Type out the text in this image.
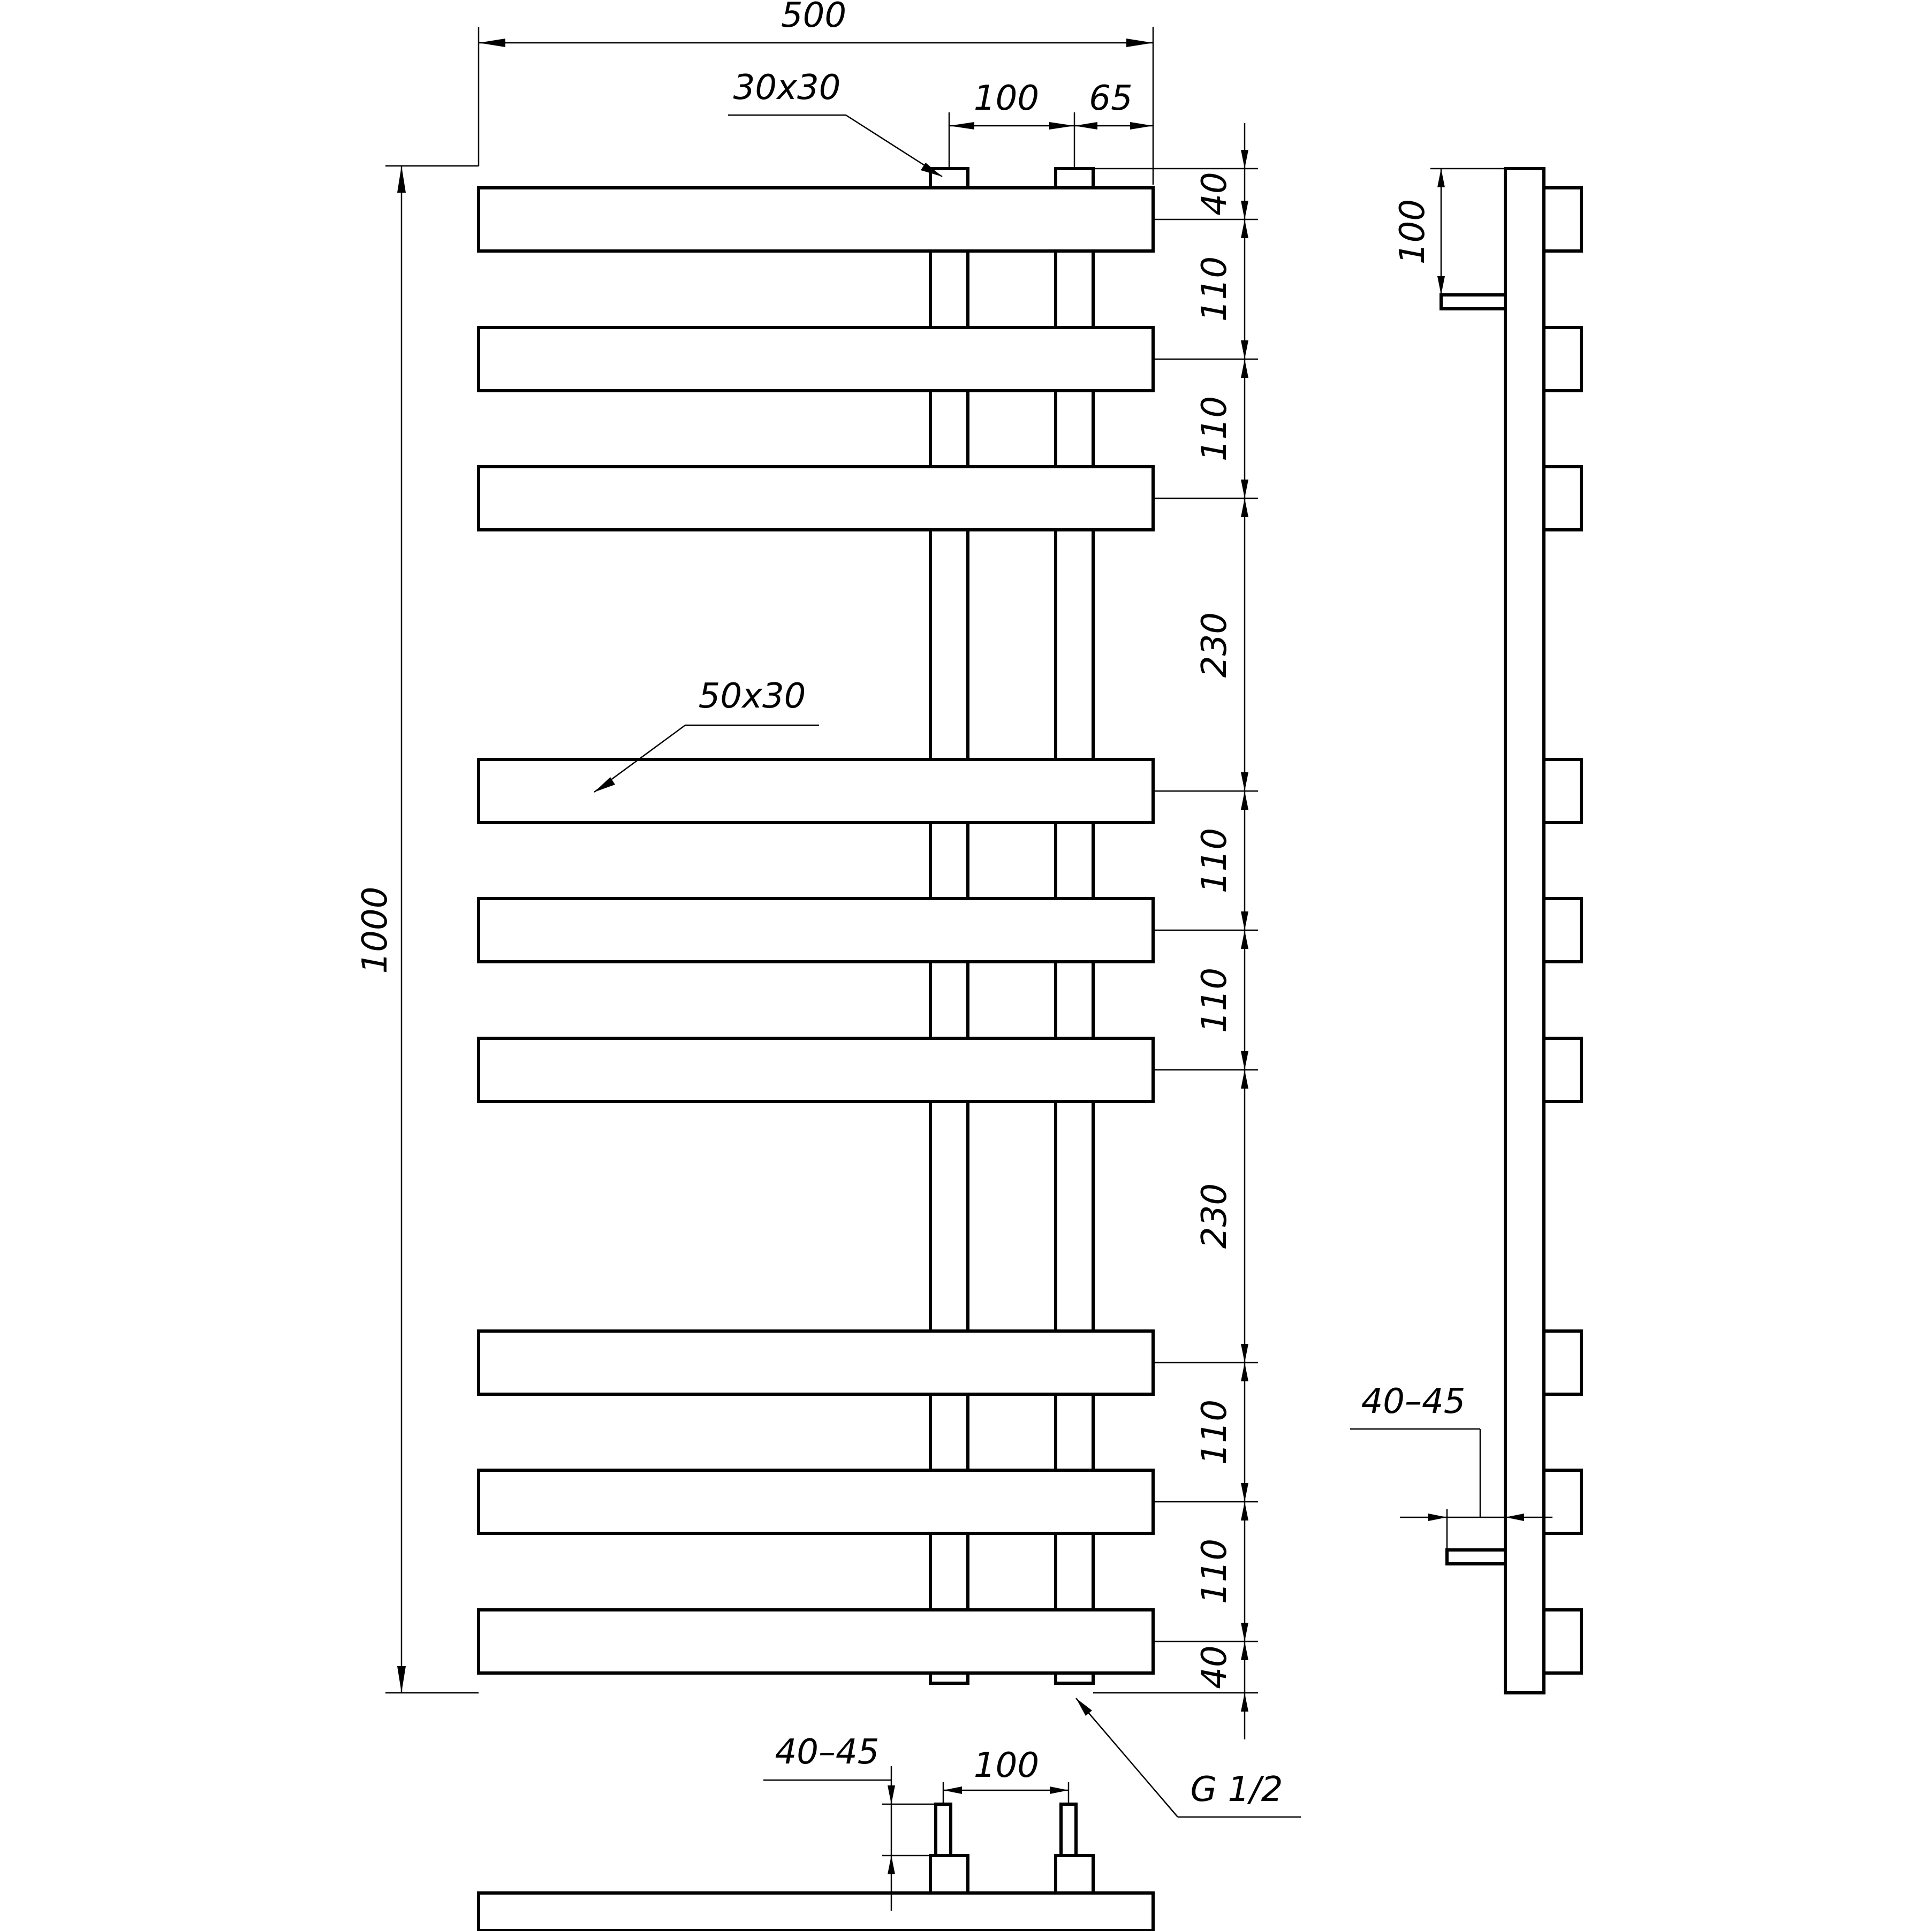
500
30x30	100 65
50x30
1000
40
110
110
230
110
110
230
110
110
40
100
40–45
40–45	100
G 1/2
